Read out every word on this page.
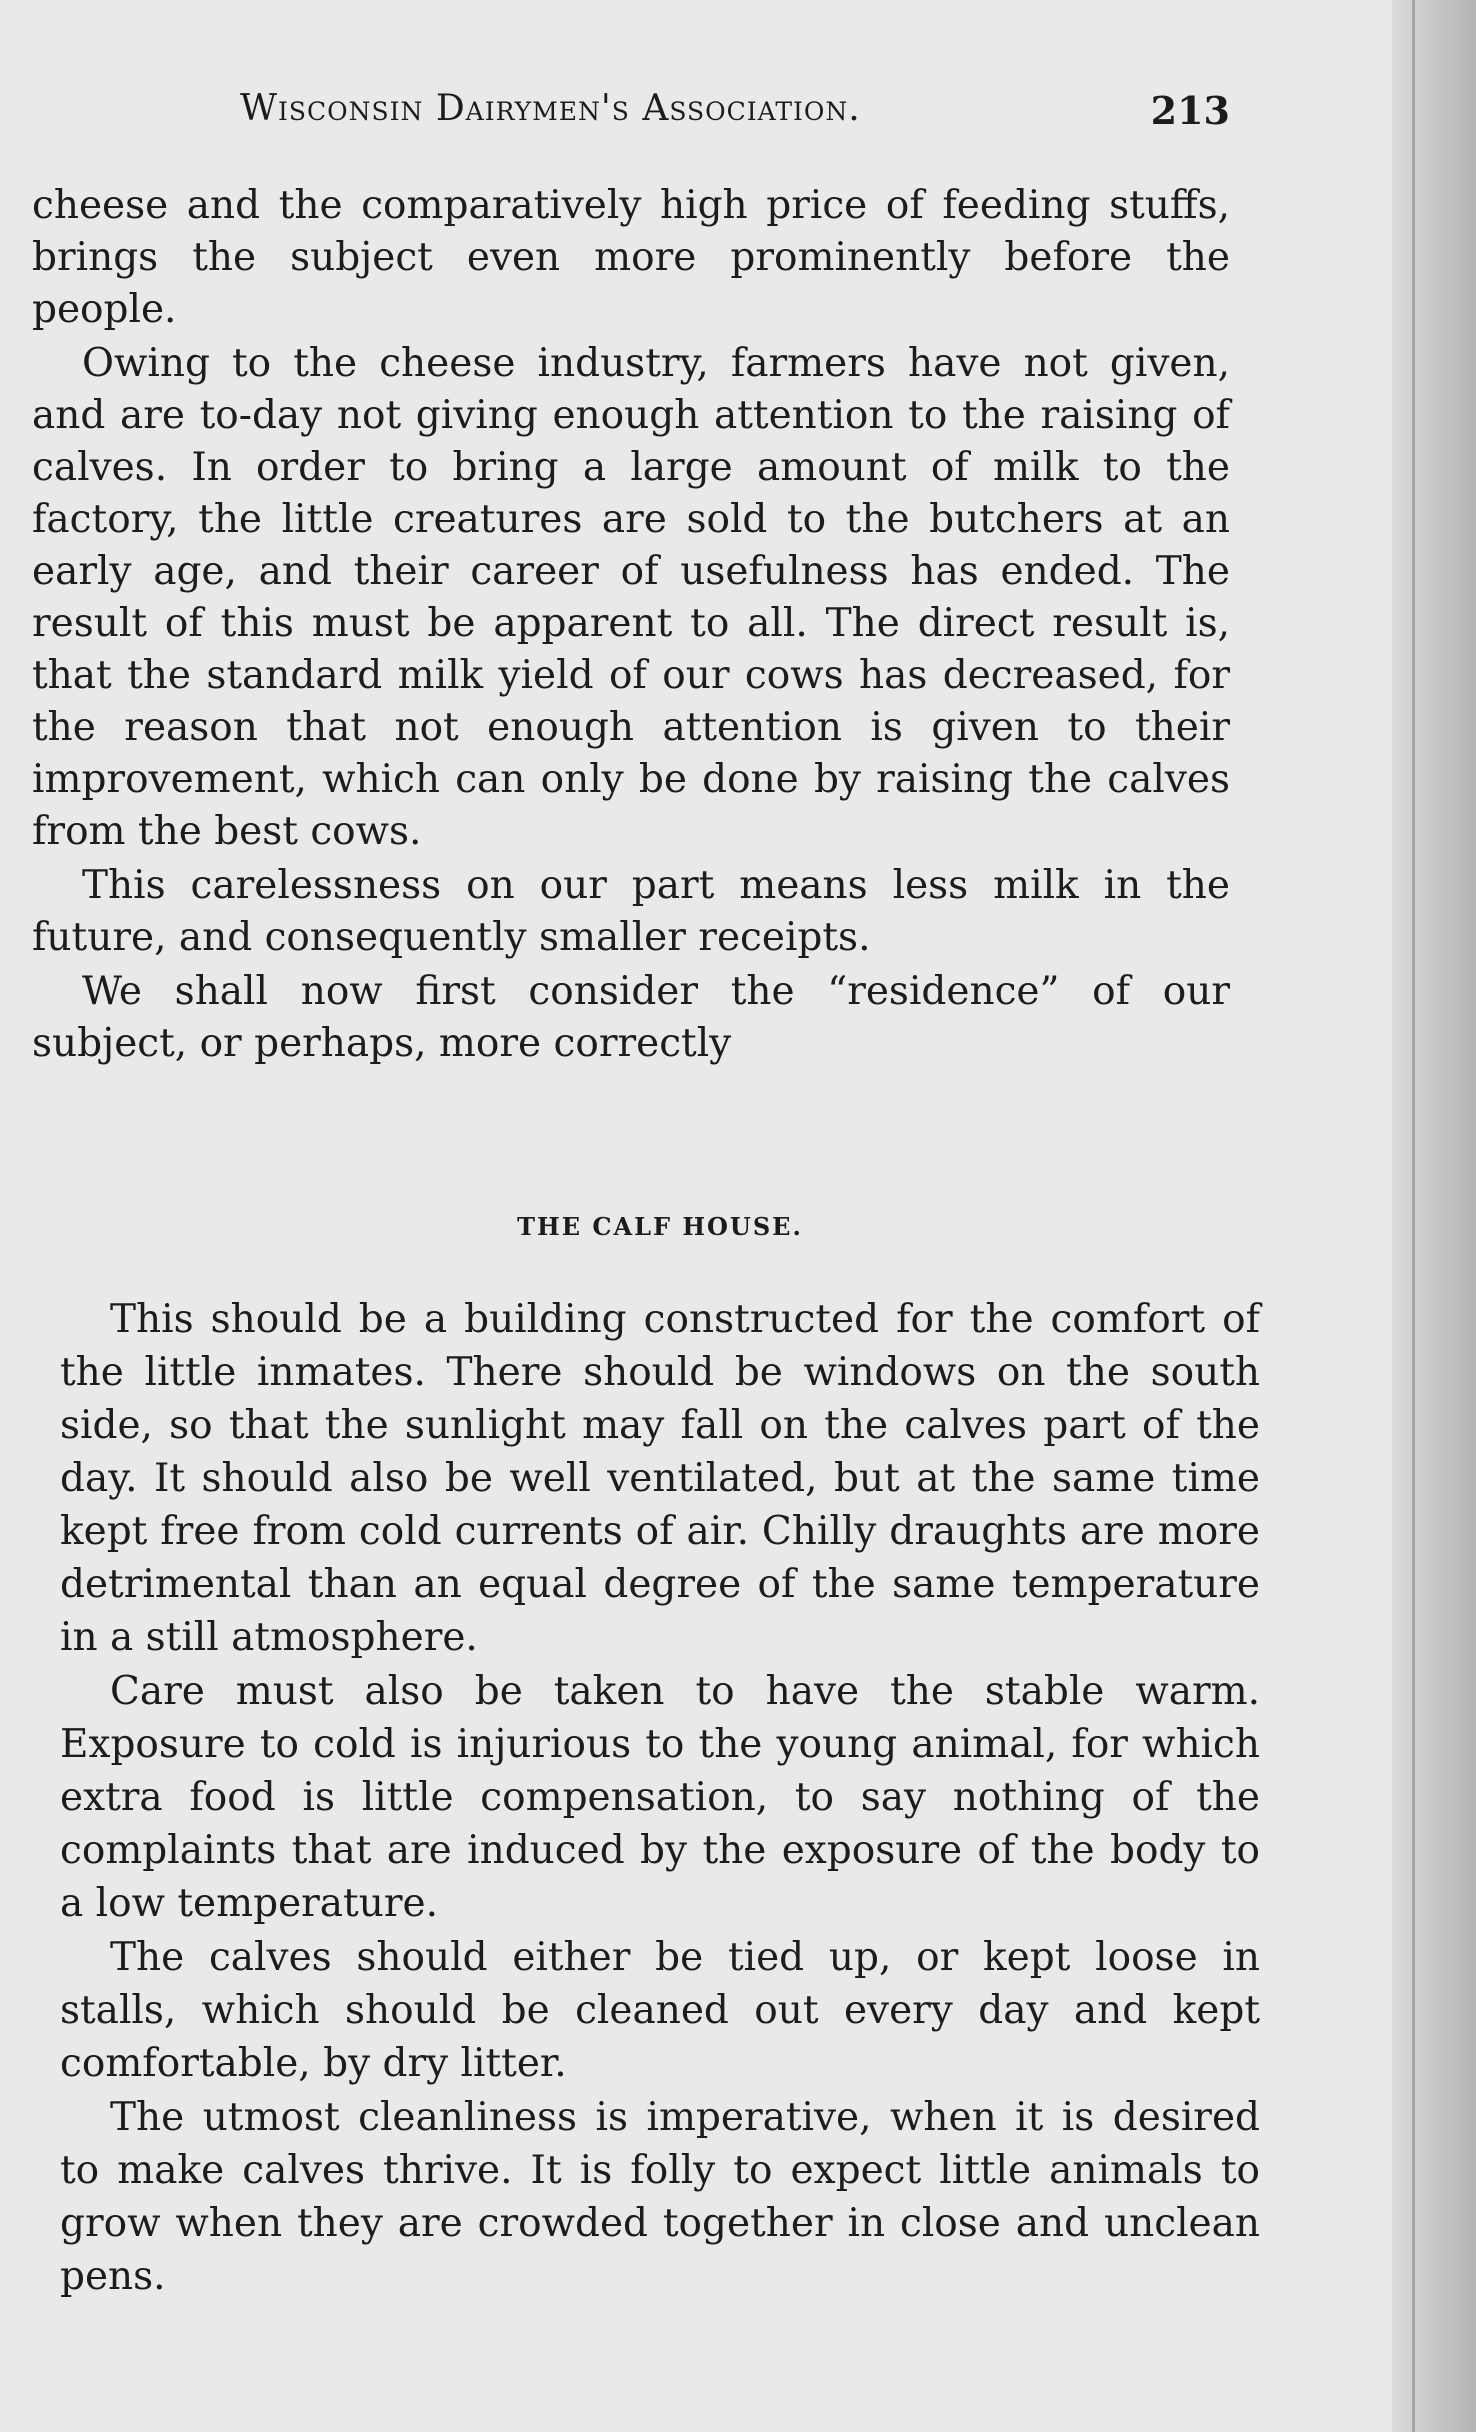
Wisconsin Dairymen's Association.	213

cheese and the comparatively high price of feeding stuffs, brings the subject even more prominently before the people.

Owing to the cheese industry, farmers have not given, and are to-day not giving enough attention to the raising of calves. In order to bring a large amount of milk to the factory, the little creatures are sold to the butchers at an early age, and their career of usefulness has ended. The result of this must be apparent to all. The direct result is, that the standard milk yield of our cows has decreased, for the reason that not enough attention is given to their improvement, which can only be done by raising the calves from the best cows.

This carelessness on our part means less milk in the future, and consequently smaller receipts.

We shall now first consider the “residence” of our subject, or perhaps, more correctly

THE CALF HOUSE.

This should be a building constructed for the comfort of the little inmates. There should be windows on the south side, so that the sunlight may fall on the calves part of the day. It should also be well ventilated, but at the same time kept free from cold currents of air. Chilly draughts are more detrimental than an equal degree of the same temperature in a still atmosphere.

Care must also be taken to have the stable warm. Exposure to cold is injurious to the young animal, for which extra food is little compensation, to say nothing of the complaints that are induced by the exposure of the body to a low temperature.

The calves should either be tied up, or kept loose in stalls, which should be cleaned out every day and kept comfortable, by dry litter.

The utmost cleanliness is imperative, when it is desired to make calves thrive. It is folly to expect little animals to grow when they are crowded together in close and unclean pens.
